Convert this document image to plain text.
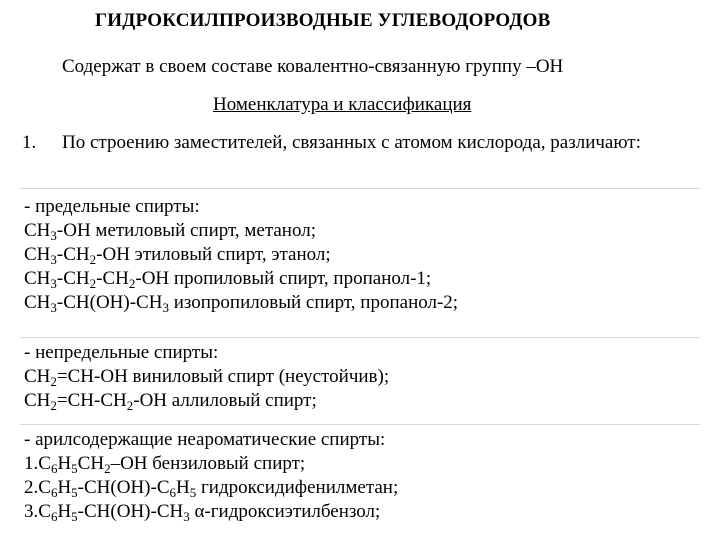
ГИДРОКСИЛПРОИЗВОДНЫЕ УГЛЕВОДОРОДОВ
Содержат в своем составе ковалентно-связанную группу –ОН
Номенклатура и классификация
1. По строению заместителей, связанных с атомом кислорода, различают:
- предельные спирты:
$CH_3-OH$ метиловый спирт, метанол;
$CH_3-CH_2-OH$ этиловый спирт, этанол;
$CH_3-CH_2-CH_2-OH$ пропиловый спирт, пропанол-1;
$CH_3-CH(OH)-CH_3$ изопропиловый спирт, пропанол-2;
- непредельные спирты:
$CH_2=CH-OH$ виниловый спирт (неустойчив);
$CH_2=CH-CH_2-OH$ аллиловый спирт;
- арилсодержащие неароматические спирты:
$1.C_6H_5CH_2-OH$ бензиловый спирт;
$2.C_6H_5-CH(OH)-C_6H_5$ гидроксидифенилметан;
$3.C_6H_5-CH(OH)-CH_3$ α-гидроксиэтилбензол;
